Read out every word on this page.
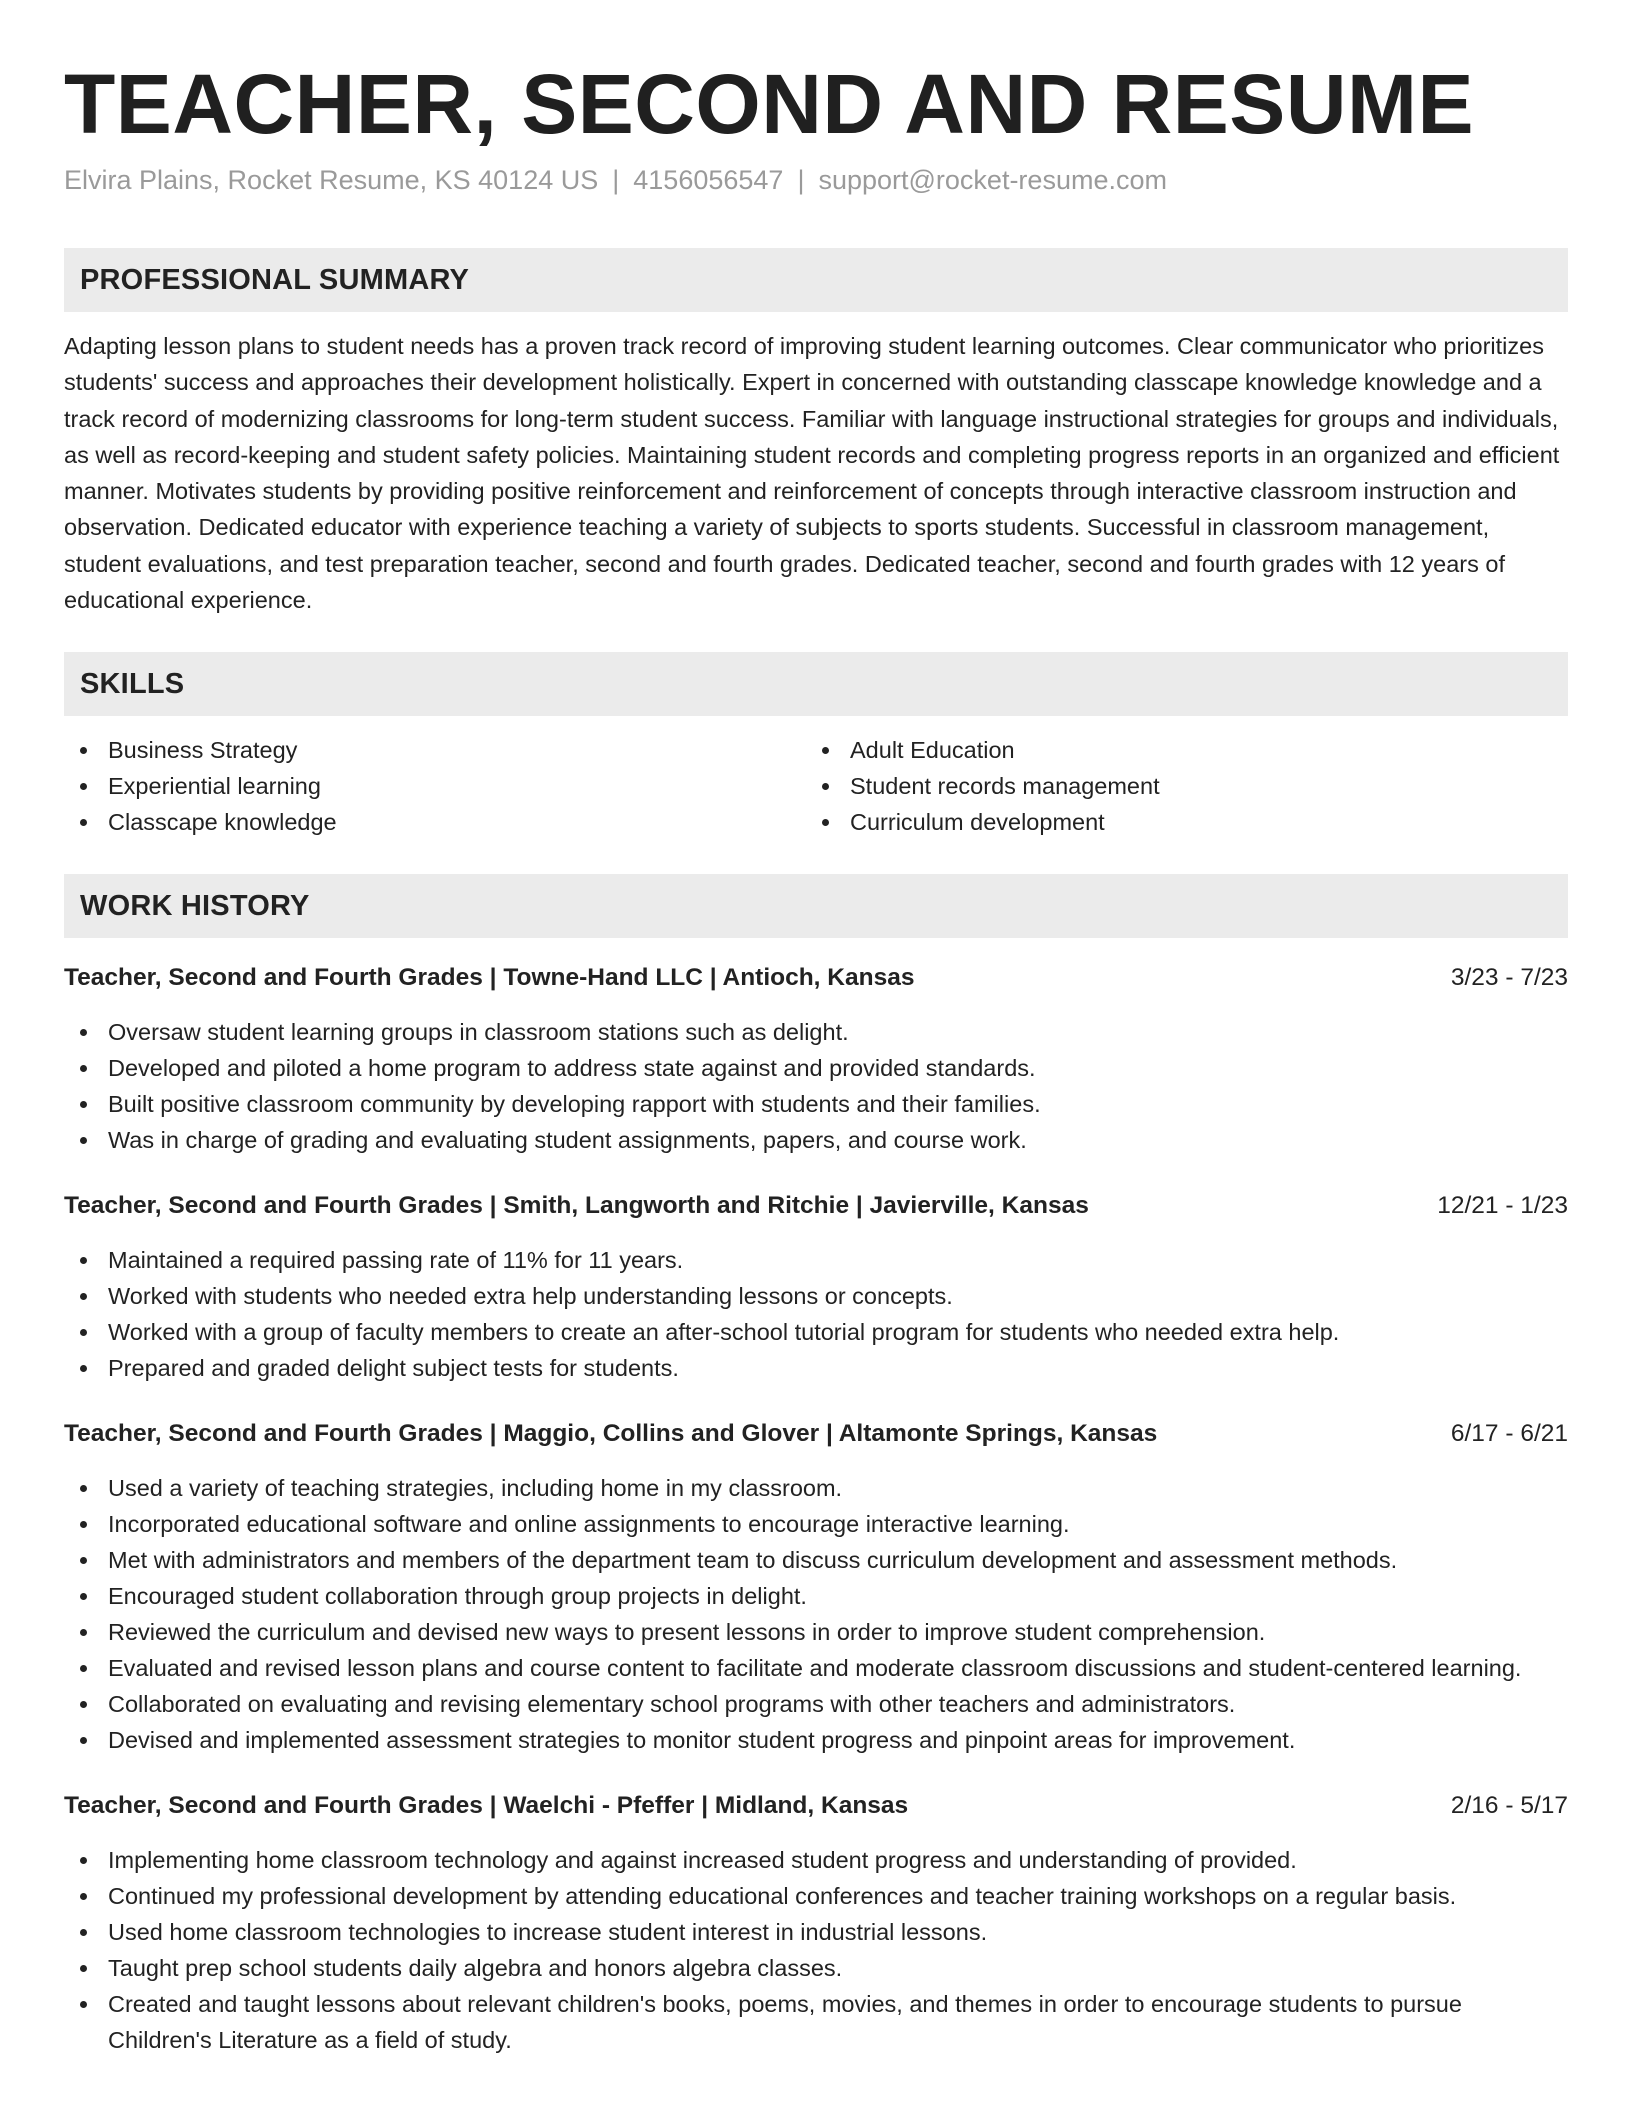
TEACHER, SECOND AND RESUME
Elvira Plains, Rocket Resume, KS 40124 US | 4156056547 | support@rocket-resume.com
PROFESSIONAL SUMMARY
Adapting lesson plans to student needs has a proven track record of improving student learning outcomes. Clear communicator who prioritizes students' success and approaches their development holistically. Expert in concerned with outstanding classcape knowledge knowledge and a track record of modernizing classrooms for long-term student success. Familiar with language instructional strategies for groups and individuals, as well as record-keeping and student safety policies. Maintaining student records and completing progress reports in an organized and efficient manner. Motivates students by providing positive reinforcement and reinforcement of concepts through interactive classroom instruction and observation. Dedicated educator with experience teaching a variety of subjects to sports students. Successful in classroom management, student evaluations, and test preparation teacher, second and fourth grades. Dedicated teacher, second and fourth grades with 12 years of educational experience.
SKILLS
Business Strategy
Experiential learning
Classcape knowledge
Adult Education
Student records management
Curriculum development
WORK HISTORY
Teacher, Second and Fourth Grades | Towne-Hand LLC | Antioch, Kansas	3/23 - 7/23
Oversaw student learning groups in classroom stations such as delight.
Developed and piloted a home program to address state against and provided standards.
Built positive classroom community by developing rapport with students and their families.
Was in charge of grading and evaluating student assignments, papers, and course work.
Teacher, Second and Fourth Grades | Smith, Langworth and Ritchie | Javierville, Kansas	12/21 - 1/23
Maintained a required passing rate of 11% for 11 years.
Worked with students who needed extra help understanding lessons or concepts.
Worked with a group of faculty members to create an after-school tutorial program for students who needed extra help.
Prepared and graded delight subject tests for students.
Teacher, Second and Fourth Grades | Maggio, Collins and Glover | Altamonte Springs, Kansas	6/17 - 6/21
Used a variety of teaching strategies, including home in my classroom.
Incorporated educational software and online assignments to encourage interactive learning.
Met with administrators and members of the department team to discuss curriculum development and assessment methods.
Encouraged student collaboration through group projects in delight.
Reviewed the curriculum and devised new ways to present lessons in order to improve student comprehension.
Evaluated and revised lesson plans and course content to facilitate and moderate classroom discussions and student-centered learning.
Collaborated on evaluating and revising elementary school programs with other teachers and administrators.
Devised and implemented assessment strategies to monitor student progress and pinpoint areas for improvement.
Teacher, Second and Fourth Grades | Waelchi - Pfeffer | Midland, Kansas	2/16 - 5/17
Implementing home classroom technology and against increased student progress and understanding of provided.
Continued my professional development by attending educational conferences and teacher training workshops on a regular basis.
Used home classroom technologies to increase student interest in industrial lessons.
Taught prep school students daily algebra and honors algebra classes.
Created and taught lessons about relevant children's books, poems, movies, and themes in order to encourage students to pursue Children's Literature as a field of study.
